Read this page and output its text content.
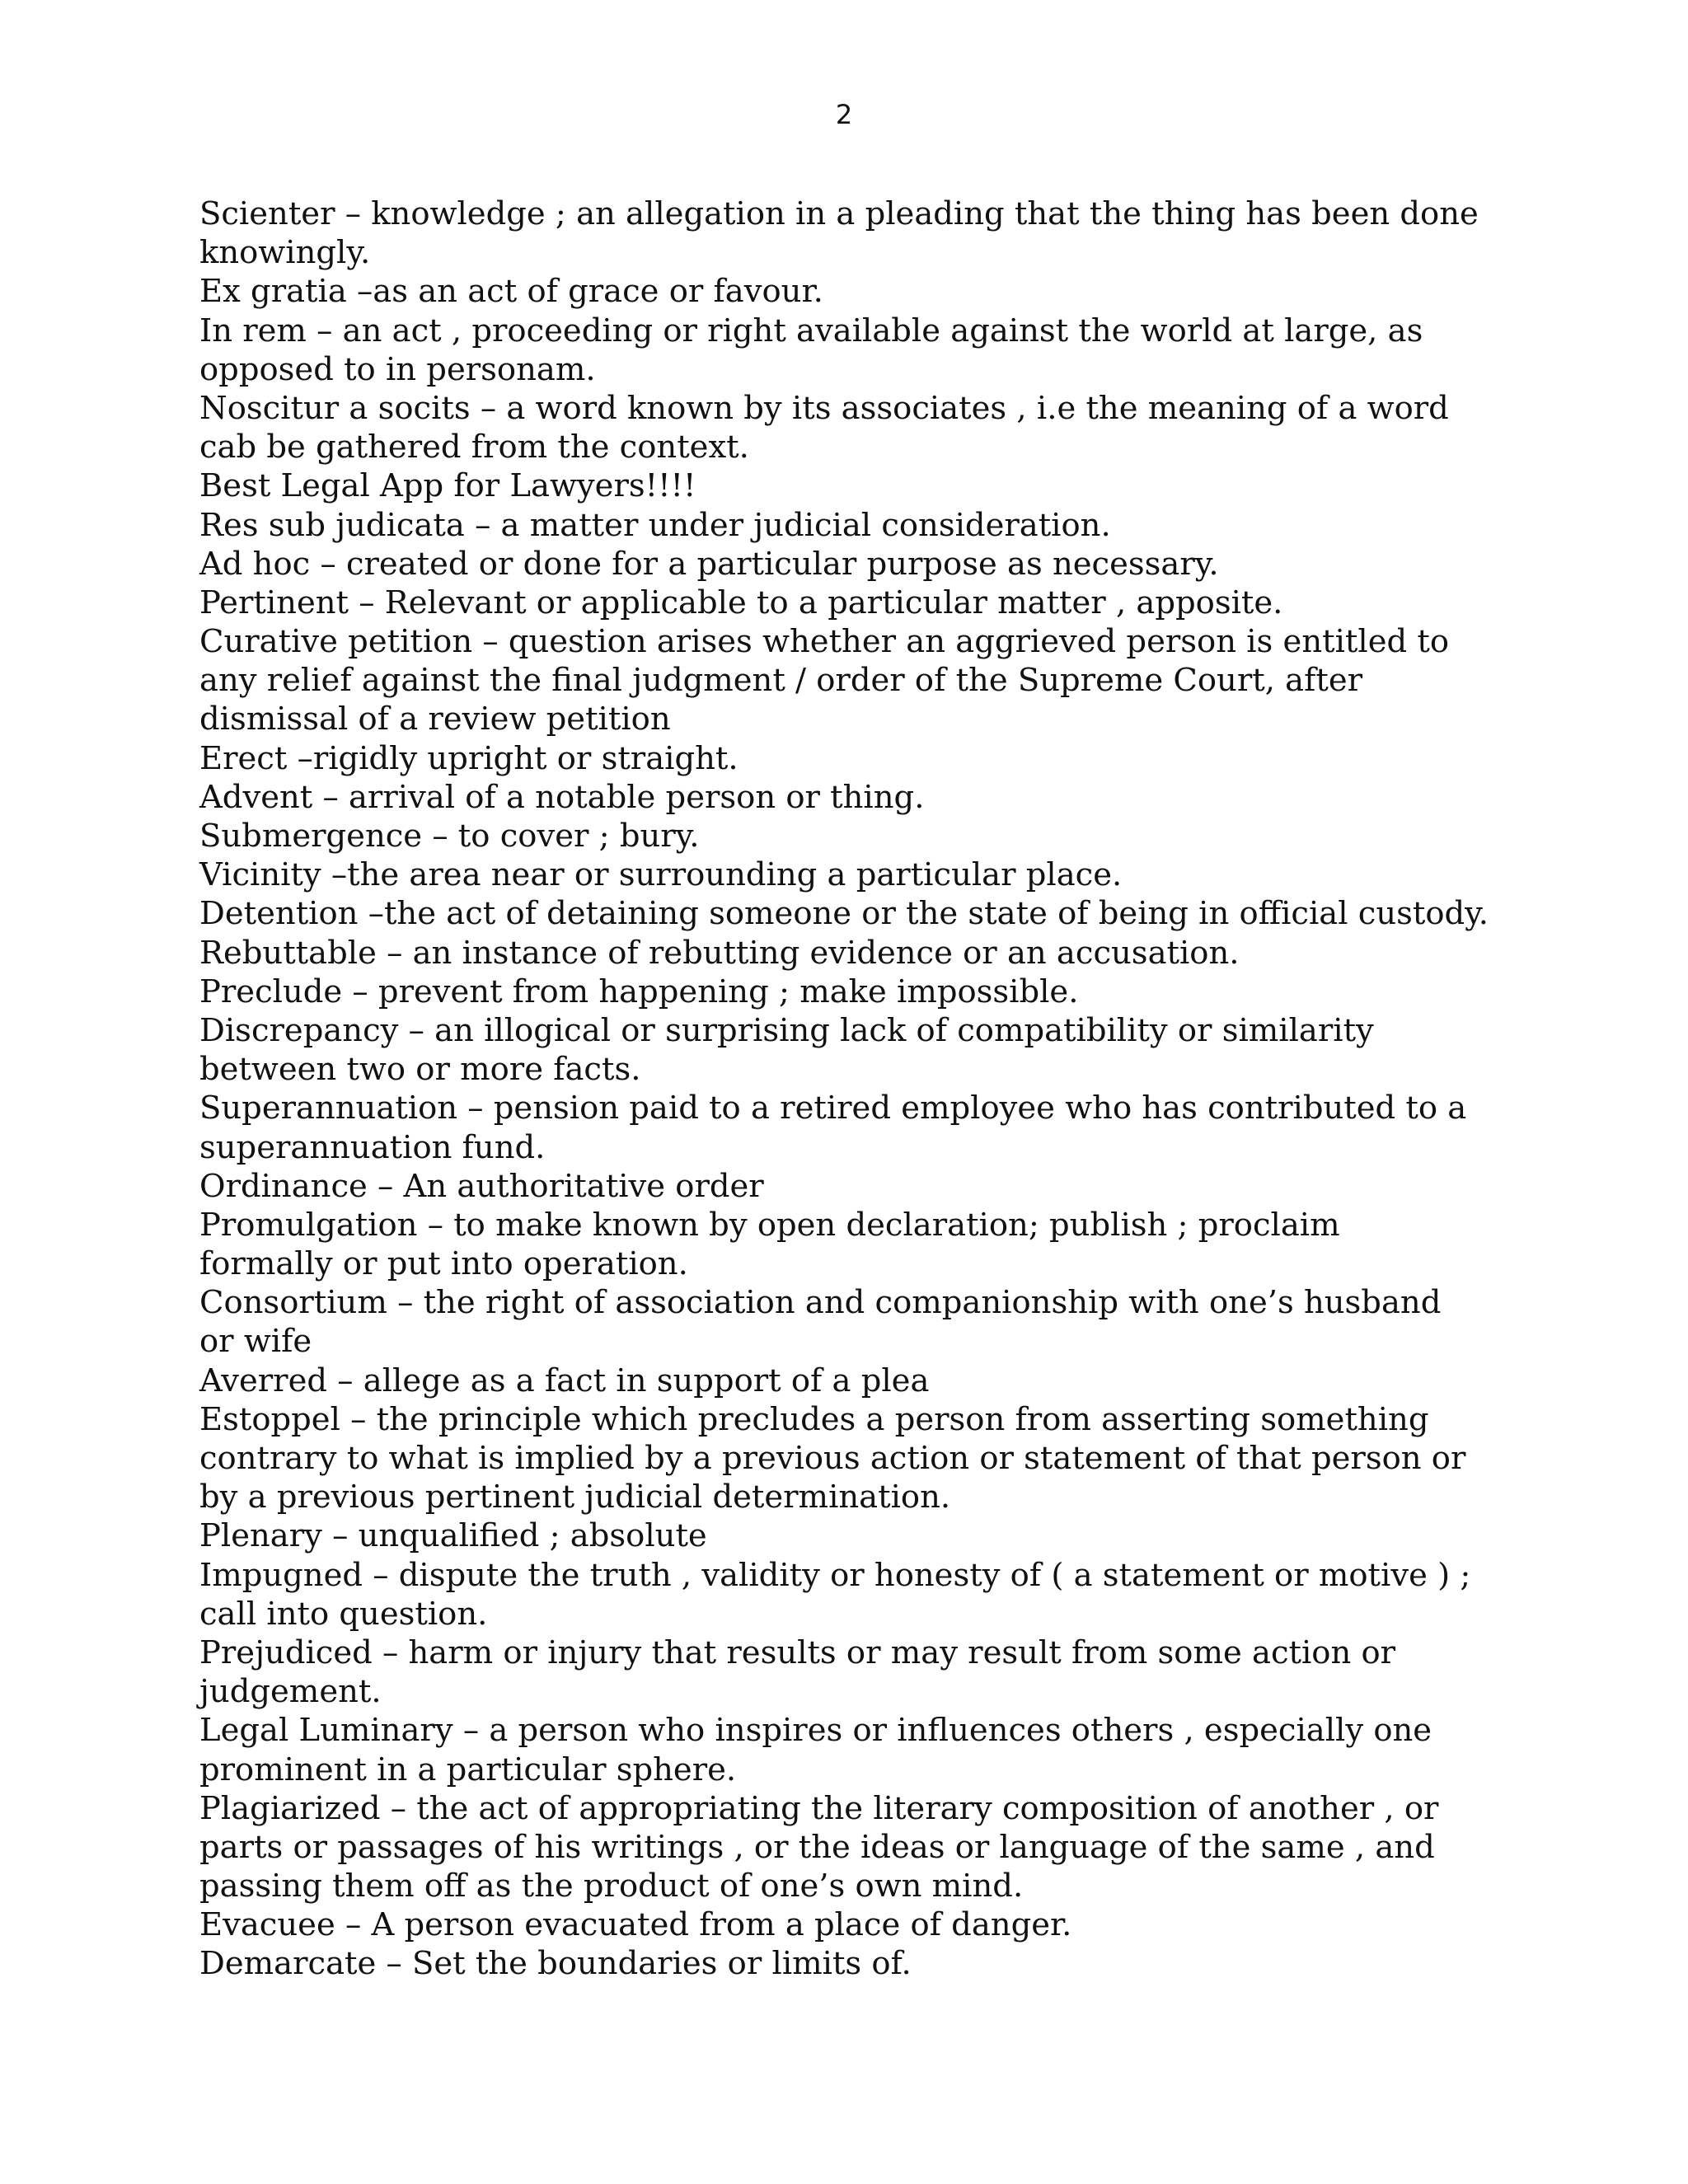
2
Scienter – knowledge ; an allegation in a pleading that the thing has been done
knowingly.
Ex gratia –as an act of grace or favour.
In rem – an act , proceeding or right available against the world at large, as
opposed to in personam.
Noscitur a socits – a word known by its associates , i.e the meaning of a word
cab be gathered from the context.
Best Legal App for Lawyers!!!!
Res sub judicata – a matter under judicial consideration.
Ad hoc – created or done for a particular purpose as necessary.
Pertinent – Relevant or applicable to a particular matter , apposite.
Curative petition – question arises whether an aggrieved person is entitled to
any relief against the final judgment / order of the Supreme Court, after
dismissal of a review petition
Erect –rigidly upright or straight.
Advent – arrival of a notable person or thing.
Submergence – to cover ; bury.
Vicinity –the area near or surrounding a particular place.
Detention –the act of detaining someone or the state of being in official custody.
Rebuttable – an instance of rebutting evidence or an accusation.
Preclude – prevent from happening ; make impossible.
Discrepancy – an illogical or surprising lack of compatibility or similarity
between two or more facts.
Superannuation – pension paid to a retired employee who has contributed to a
superannuation fund.
Ordinance – An authoritative order
Promulgation – to make known by open declaration; publish ; proclaim
formally or put into operation.
Consortium – the right of association and companionship with one’s husband
or wife
Averred – allege as a fact in support of a plea
Estoppel – the principle which precludes a person from asserting something
contrary to what is implied by a previous action or statement of that person or
by a previous pertinent judicial determination.
Plenary – unqualified ; absolute
Impugned – dispute the truth , validity or honesty of ( a statement or motive ) ;
call into question.
Prejudiced – harm or injury that results or may result from some action or
judgement.
Legal Luminary – a person who inspires or influences others , especially one
prominent in a particular sphere.
Plagiarized – the act of appropriating the literary composition of another , or
parts or passages of his writings , or the ideas or language of the same , and
passing them off as the product of one’s own mind.
Evacuee – A person evacuated from a place of danger.
Demarcate – Set the boundaries or limits of.
